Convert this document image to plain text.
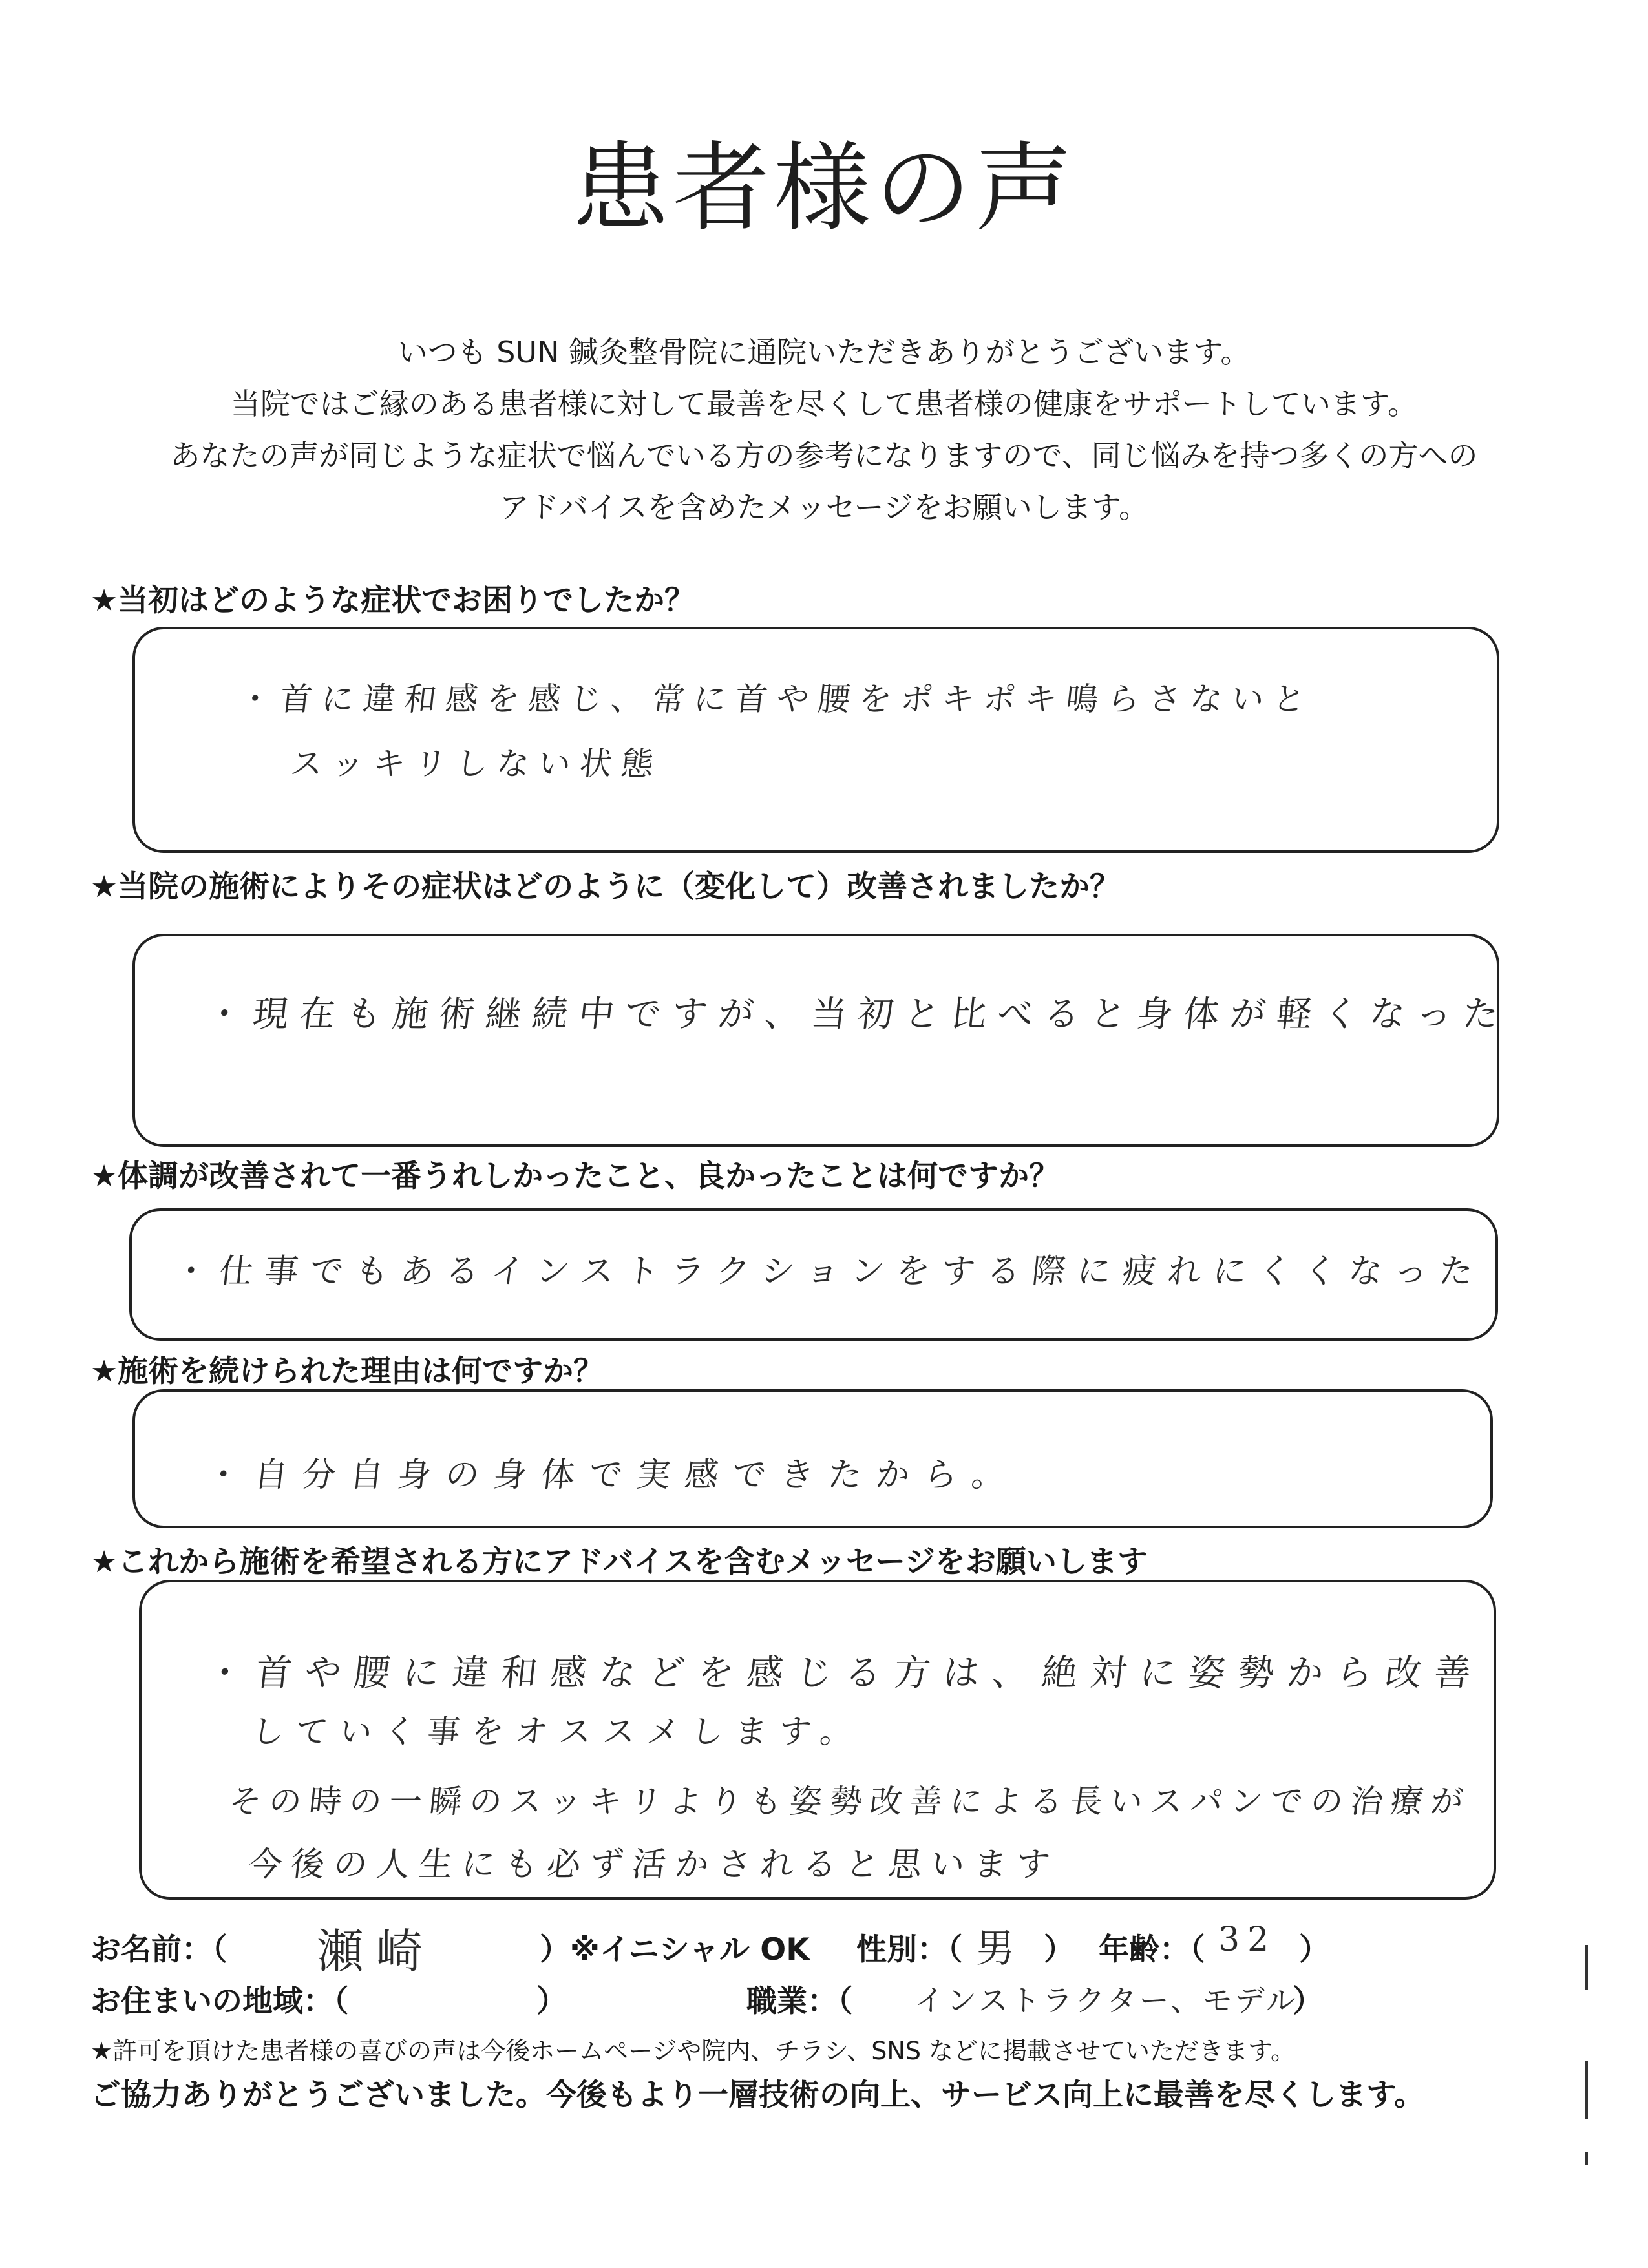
患者様の声
いつも SUN 鍼灸整骨院に通院いただきありがとうございます。
当院ではご縁のある患者様に対して最善を尽くして患者様の健康をサポートしています。
あなたの声が同じような症状で悩んでいる方の参考になりますので、同じ悩みを持つ多くの方への
アドバイスを含めたメッセージをお願いします。
★当初はどのような症状でお困りでしたか？
・首に違和感を感じ、常に首や腰をポキポキ鳴らさないと
スッキリしない状態
★当院の施術によりその症状はどのように（変化して）改善されましたか？
・現在も施術継続中ですが、当初と比べると身体が軽くなった
★体調が改善されて一番うれしかったこと、良かったことは何ですか？
・仕事でもあるインストラクションをする際に疲れにくくなった
★施術を続けられた理由は何ですか？
・自分自身の身体で実感できたから。
★これから施術を希望される方にアドバイスを含むメッセージをお願いします
・首や腰に違和感などを感じる方は、絶対に姿勢から改善
していく事をオススメします。
その時の一瞬のスッキリよりも姿勢改善による長いスパンでの治療が
今後の人生にも必ず活かされると思います
お名前：（ 瀬崎	）※イニシャル OK 性別：（ 男 ） 年齢：（ 32 ）
お住まいの地域：（	）	職業：（ インストラクター、モデル
）
★許可を頂けた患者様の喜びの声は今後ホームページや院内、チラシ、SNS などに掲載させていただきます。
ご協力ありがとうございました。今後もより一層技術の向上、サービス向上に最善を尽くします。
